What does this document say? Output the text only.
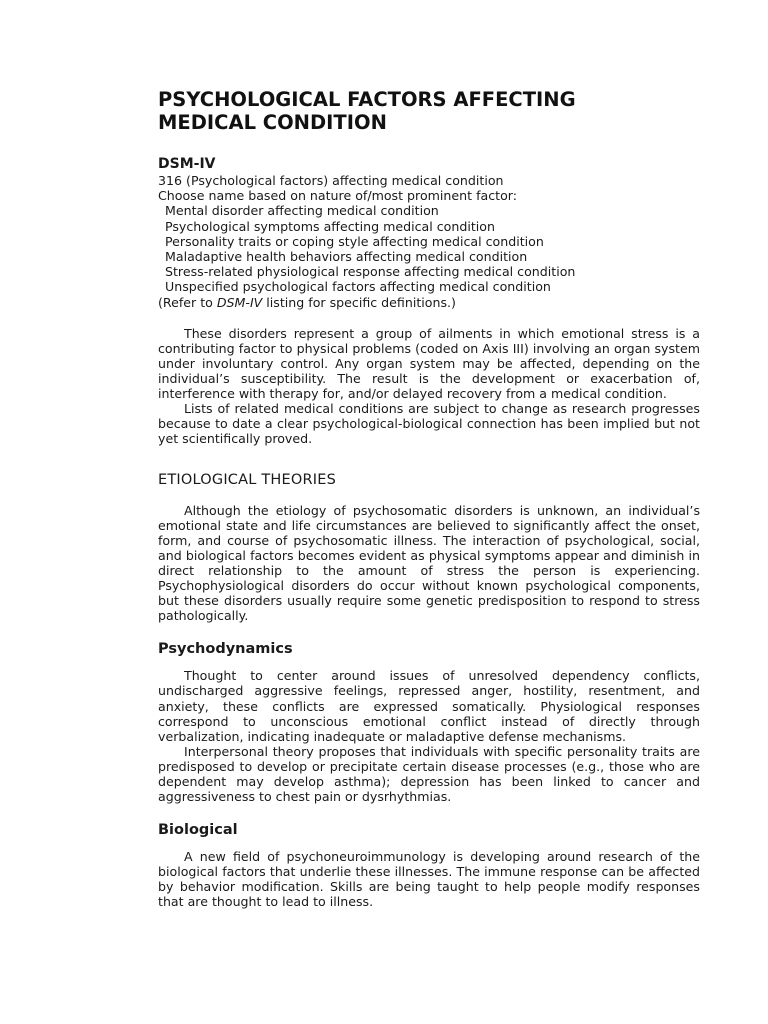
PSYCHOLOGICAL FACTORS AFFECTING
MEDICAL CONDITION
DSM-IV
316 (Psychological factors) affecting medical condition
Choose name based on nature of/most prominent factor:
Mental disorder affecting medical condition
Psychological symptoms affecting medical condition
Personality traits or coping style affecting medical condition
Maladaptive health behaviors affecting medical condition
Stress-related physiological response affecting medical condition
Unspecified psychological factors affecting medical condition
(Refer to DSM-IV listing for specific definitions.)

These disorders represent a group of ailments in which emotional stress is a contributing factor to physical problems (coded on Axis III) involving an organ system under involuntary control. Any organ system may be affected, depending on the individual’s susceptibility. The result is the development or exacerbation of, interference with therapy for, and/or delayed recovery from a medical condition.

Lists of related medical conditions are subject to change as research progresses because to date a clear psychological-biological connection has been implied but not yet scientifically proved.

ETIOLOGICAL THEORIES

Although the etiology of psychosomatic disorders is unknown, an individual’s emotional state and life circumstances are believed to significantly affect the onset, form, and course of psychosomatic illness. The interaction of psychological, social, and biological factors becomes evident as physical symptoms appear and diminish in direct relationship to the amount of stress the person is experiencing. Psychophysiological disorders do occur without known psychological components, but these disorders usually require some genetic predisposition to respond to stress pathologically.

Psychodynamics

Thought to center around issues of unresolved dependency conflicts, undischarged aggressive feelings, repressed anger, hostility, resentment, and anxiety, these conflicts are expressed somatically. Physiological responses correspond to unconscious emotional conflict instead of directly through verbalization, indicating inadequate or maladaptive defense mechanisms.

Interpersonal theory proposes that individuals with specific personality traits are predisposed to develop or precipitate certain disease processes (e.g., those who are dependent may develop asthma); depression has been linked to cancer and aggressiveness to chest pain or dysrhythmias.

Biological

A new field of psychoneuroimmunology is developing around research of the biological factors that underlie these illnesses. The immune response can be affected by behavior modification. Skills are being taught to help people modify responses that are thought to lead to illness.
